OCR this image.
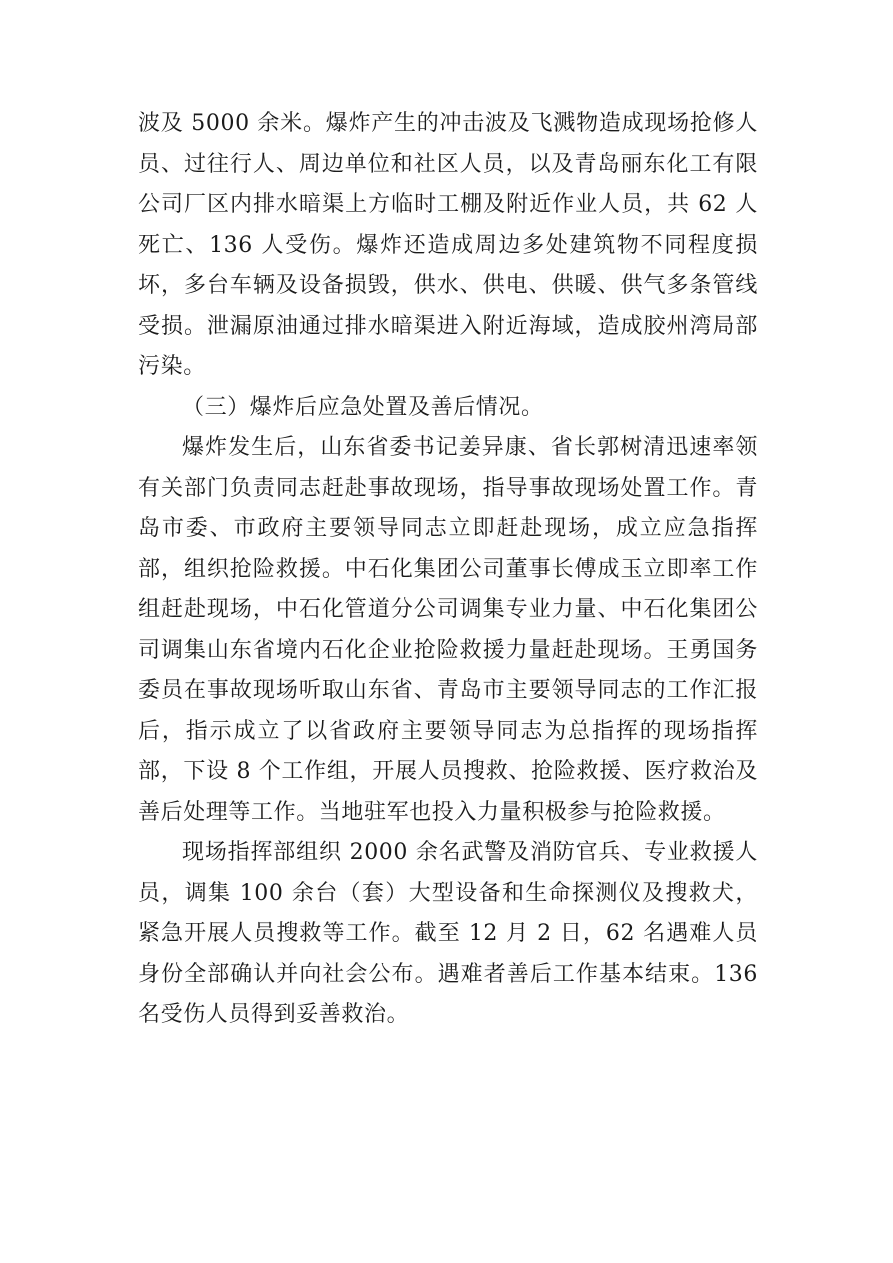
波及 5000 余米。爆炸产生的冲击波及飞溅物造成现场抢修人员、过往行人、周边单位和社区人员，以及青岛丽东化工有限公司厂区内排水暗渠上方临时工棚及附近作业人员，共 62 人死亡、136 人受伤。爆炸还造成周边多处建筑物不同程度损坏，多台车辆及设备损毁，供水、供电、供暖、供气多条管线受损。泄漏原油通过排水暗渠进入附近海域，造成胶州湾局部污染。

（三）爆炸后应急处置及善后情况。

爆炸发生后，山东省委书记姜异康、省长郭树清迅速率领有关部门负责同志赶赴事故现场，指导事故现场处置工作。青岛市委、市政府主要领导同志立即赶赴现场，成立应急指挥部，组织抢险救援。中石化集团公司董事长傅成玉立即率工作组赶赴现场，中石化管道分公司调集专业力量、中石化集团公司调集山东省境内石化企业抢险救援力量赶赴现场。王勇国务委员在事故现场听取山东省、青岛市主要领导同志的工作汇报后，指示成立了以省政府主要领导同志为总指挥的现场指挥部，下设 8 个工作组，开展人员搜救、抢险救援、医疗救治及善后处理等工作。当地驻军也投入力量积极参与抢险救援。

现场指挥部组织 2000 余名武警及消防官兵、专业救援人员，调集 100 余台（套）大型设备和生命探测仪及搜救犬，紧急开展人员搜救等工作。截至 12 月 2 日，62 名遇难人员身份全部确认并向社会公布。遇难者善后工作基本结束。136 名受伤人员得到妥善救治。
